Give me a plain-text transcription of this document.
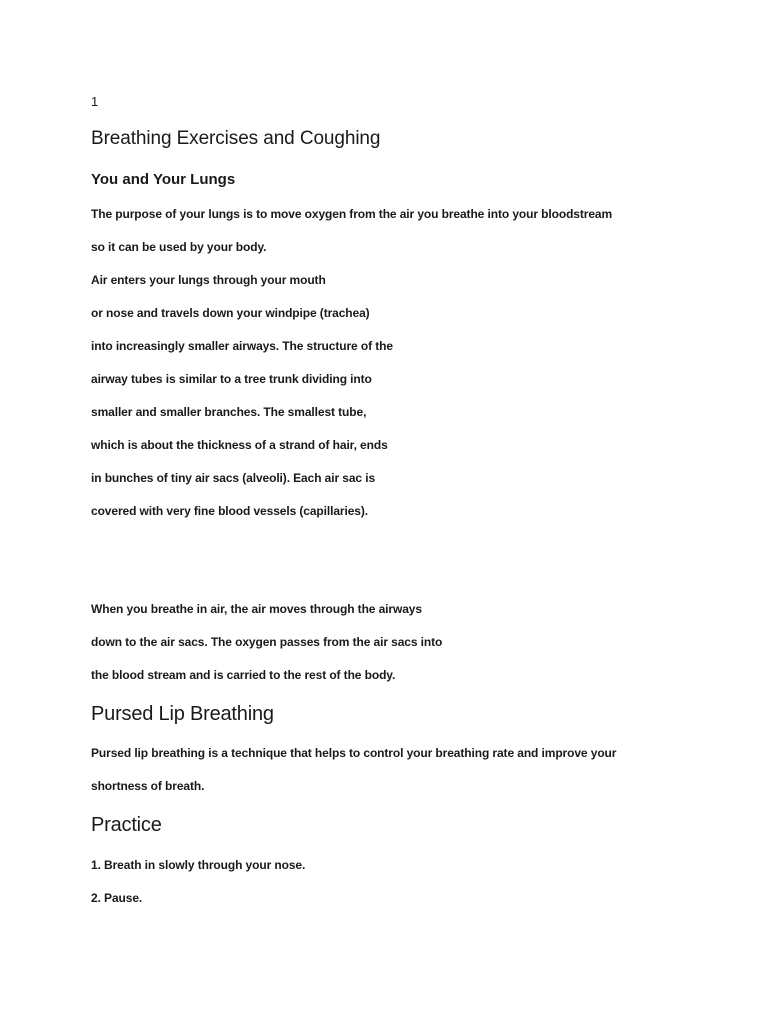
1

Breathing Exercises and Coughing
You and Your Lungs

The purpose of your lungs is to move oxygen from the air you breathe into your bloodstream

so it can be used by your body.

Air enters your lungs through your mouth

or nose and travels down your windpipe (trachea)

into increasingly smaller airways. The structure of the

airway tubes is similar to a tree trunk dividing into

smaller and smaller branches. The smallest tube,

which is about the thickness of a strand of hair, ends

in bunches of tiny air sacs (alveoli). Each air sac is

covered with very fine blood vessels (capillaries).

When you breathe in air, the air moves through the airways

down to the air sacs. The oxygen passes from the air sacs into

the blood stream and is carried to the rest of the body.

Pursed Lip Breathing

Pursed lip breathing is a technique that helps to control your breathing rate and improve your

shortness of breath.

Practice

1. Breath in slowly through your nose.

2. Pause.
